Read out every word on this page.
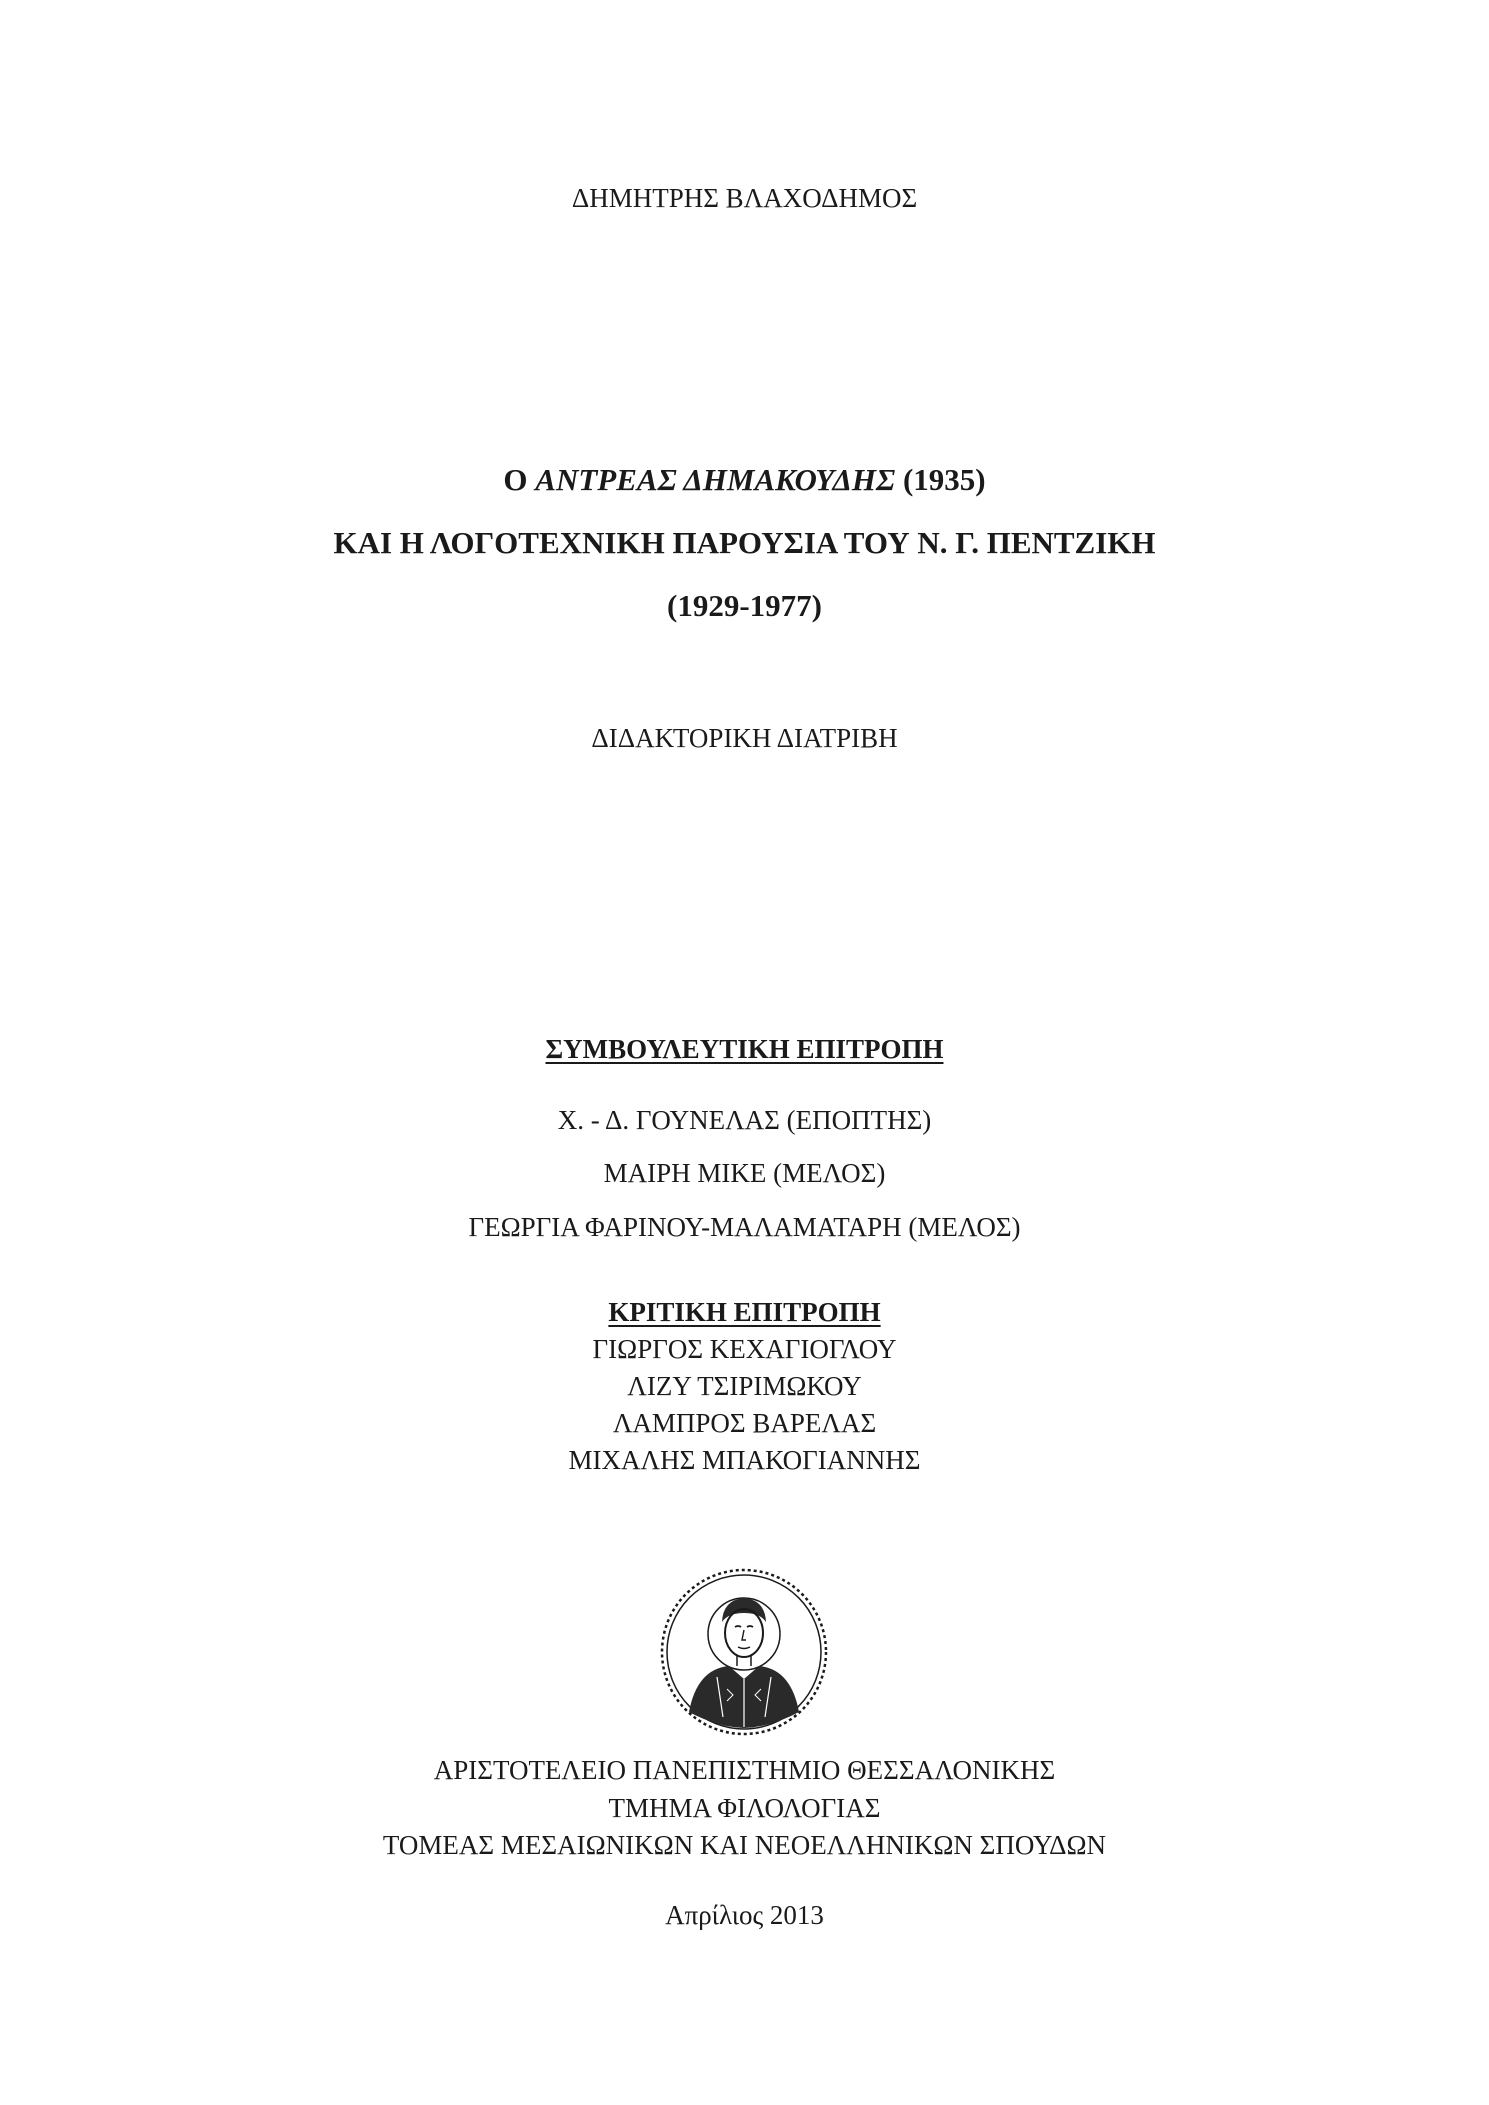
ΔΗΜΗΤΡΗΣ ΒΛΑΧΟΔΗΜΟΣ
Ο ΑΝΤΡΕΑΣ ΔΗΜΑΚΟΥΔΗΣ (1935)
ΚΑΙ Η ΛΟΓΟΤΕΧΝΙΚΗ ΠΑΡΟΥΣΙΑ ΤΟΥ Ν. Γ. ΠΕΝΤΖΙΚΗ
(1929-1977)
ΔΙΔΑΚΤΟΡΙΚΗ ΔΙΑΤΡΙΒΗ
ΣΥΜΒΟΥΛΕΥΤΙΚΗ ΕΠΙΤΡΟΠΗ
Χ. - Δ. ΓΟΥΝΕΛΑΣ (ΕΠΟΠΤΗΣ)
ΜΑΙΡΗ ΜΙΚΕ (ΜΕΛΟΣ)
ΓΕΩΡΓΙΑ ΦΑΡΙΝΟΥ-ΜΑΛΑΜΑΤΑΡΗ (ΜΕΛΟΣ)
ΚΡΙΤΙΚΗ ΕΠΙΤΡΟΠΗ
ΓΙΩΡΓΟΣ ΚΕΧΑΓΙΟΓΛΟΥ
ΛΙΖΥ ΤΣΙΡΙΜΩΚΟΥ
ΛΑΜΠΡΟΣ ΒΑΡΕΛΑΣ
ΜΙΧΑΛΗΣ ΜΠΑΚΟΓΙΑΝΝΗΣ
ΑΡΙΣΤΟΤΕΛΕΙΟ ΠΑΝΕΠΙΣΤΗΜΙΟ ΘΕΣΣΑΛΟΝΙΚΗΣ
ΤΜΗΜΑ ΦΙΛΟΛΟΓΙΑΣ
ΤΟΜΕΑΣ ΜΕΣΑΙΩΝΙΚΩΝ ΚΑΙ ΝΕΟΕΛΛΗΝΙΚΩΝ ΣΠΟΥΔΩΝ
Απρίλιος 2013
